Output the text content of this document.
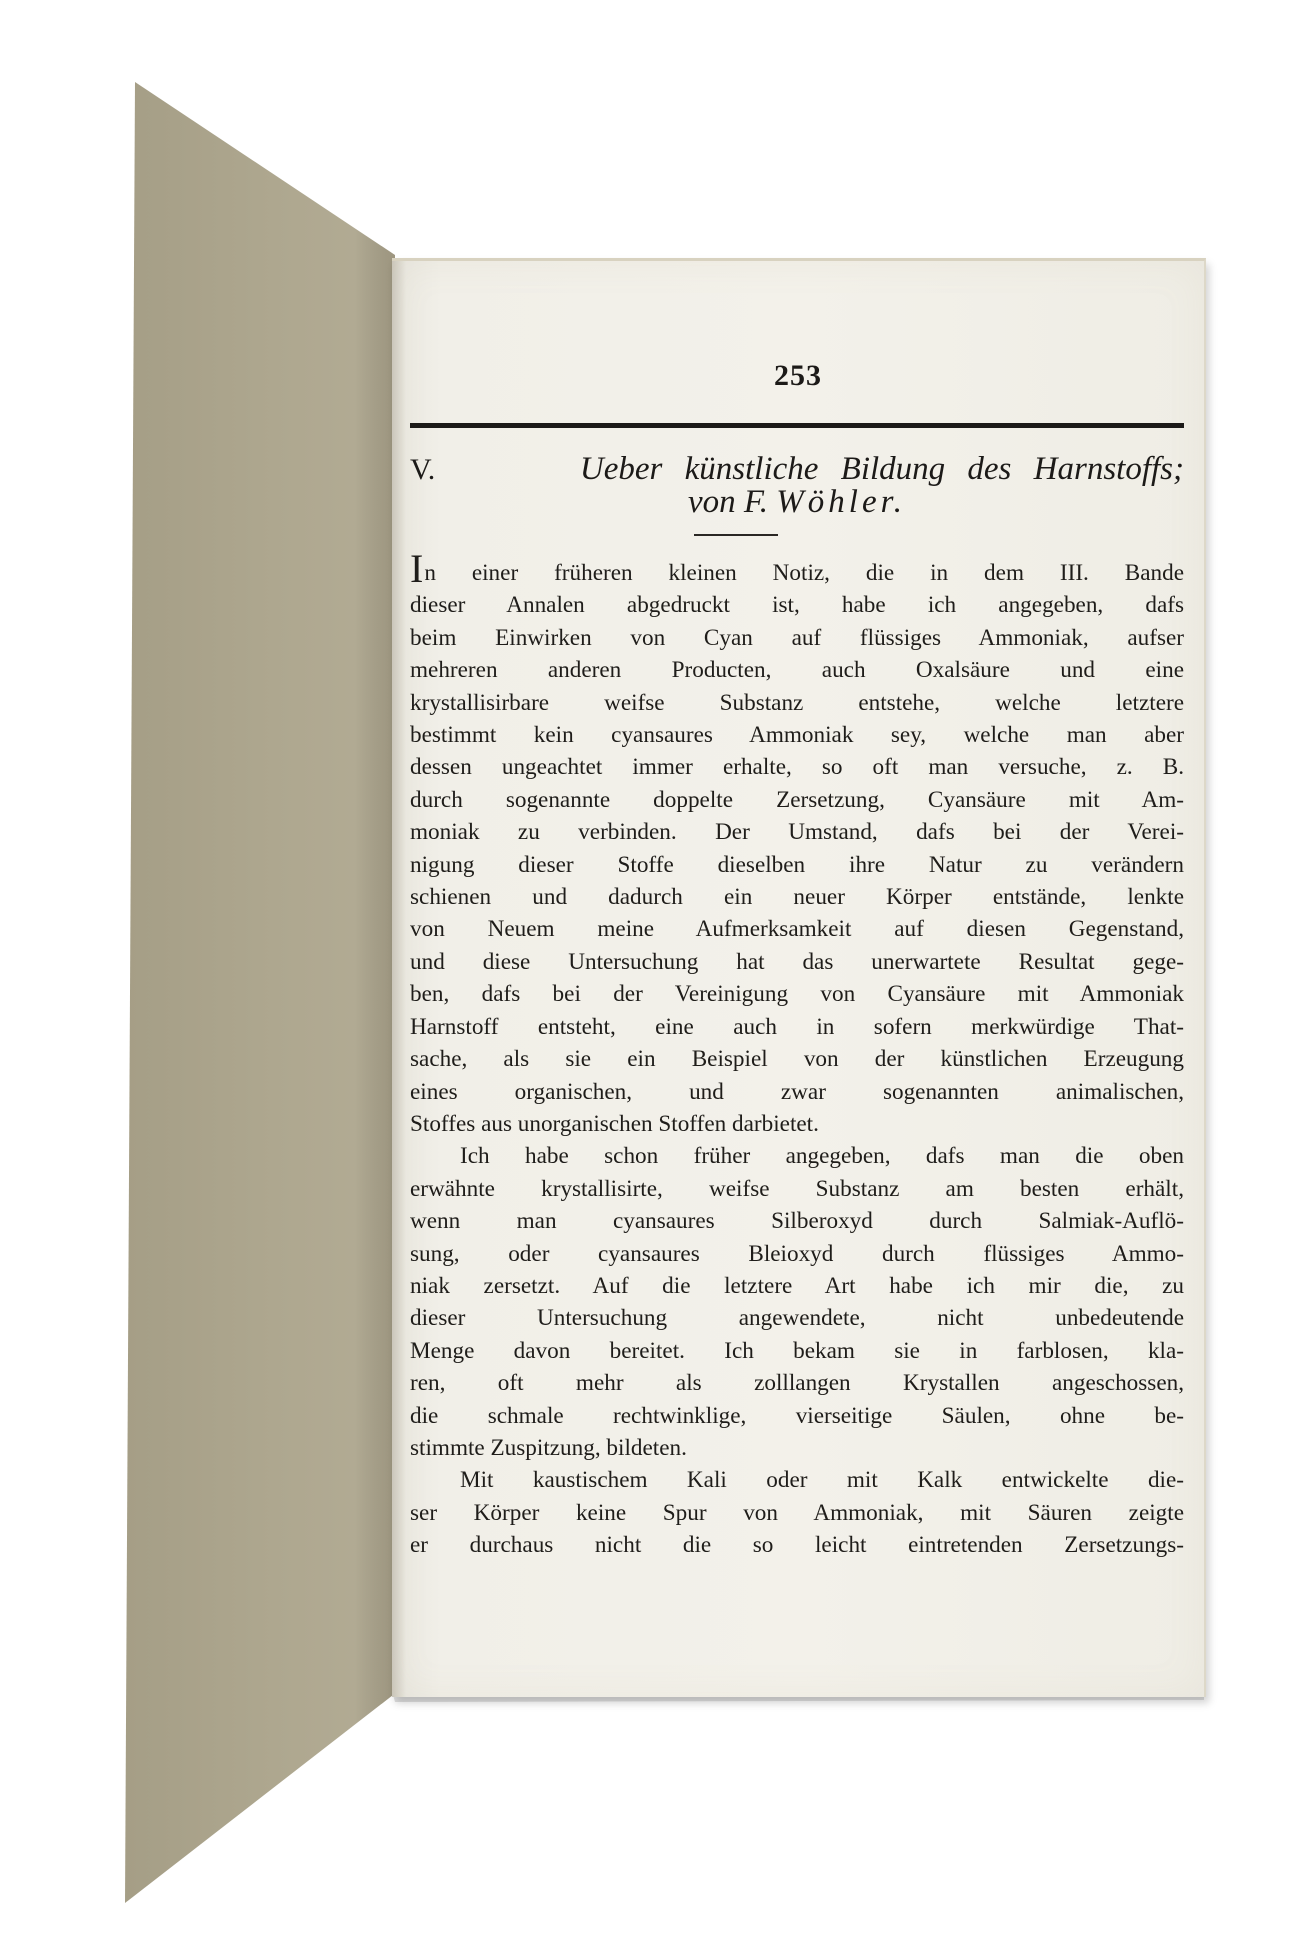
253
V.	Ueber künstliche Bildung des Harnstoffs;
von F. Wöhler.
In einer früheren kleinen Notiz, die in dem III. Bande
dieser Annalen abgedruckt ist, habe ich angegeben, dafs
beim Einwirken von Cyan auf flüssiges Ammoniak, aufser
mehreren anderen Producten, auch Oxalsäure und eine
krystallisirbare weifse Substanz entstehe, welche letztere
bestimmt kein cyansaures Ammoniak sey, welche man aber
dessen ungeachtet immer erhalte, so oft man versuche, z. B.
durch sogenannte doppelte Zersetzung, Cyansäure mit Am-
moniak zu verbinden. Der Umstand, dafs bei der Verei-
nigung dieser Stoffe dieselben ihre Natur zu verändern
schienen und dadurch ein neuer Körper entstände, lenkte
von Neuem meine Aufmerksamkeit auf diesen Gegenstand,
und diese Untersuchung hat das unerwartete Resultat gege-
ben, dafs bei der Vereinigung von Cyansäure mit Ammoniak
Harnstoff entsteht, eine auch in sofern merkwürdige That-
sache, als sie ein Beispiel von der künstlichen Erzeugung
eines organischen, und zwar sogenannten animalischen,
Stoffes aus unorganischen Stoffen darbietet.
Ich habe schon früher angegeben, dafs man die oben
erwähnte krystallisirte, weifse Substanz am besten erhält,
wenn man cyansaures Silberoxyd durch Salmiak-Auflö-
sung, oder cyansaures Bleioxyd durch flüssiges Ammo-
niak zersetzt. Auf die letztere Art habe ich mir die, zu
dieser Untersuchung angewendete, nicht unbedeutende
Menge davon bereitet. Ich bekam sie in farblosen, kla-
ren, oft mehr als zolllangen Krystallen angeschossen,
die schmale rechtwinklige, vierseitige Säulen, ohne be-
stimmte Zuspitzung, bildeten.
Mit kaustischem Kali oder mit Kalk entwickelte die-
ser Körper keine Spur von Ammoniak, mit Säuren zeigte
er durchaus nicht die so leicht eintretenden Zersetzungs-
